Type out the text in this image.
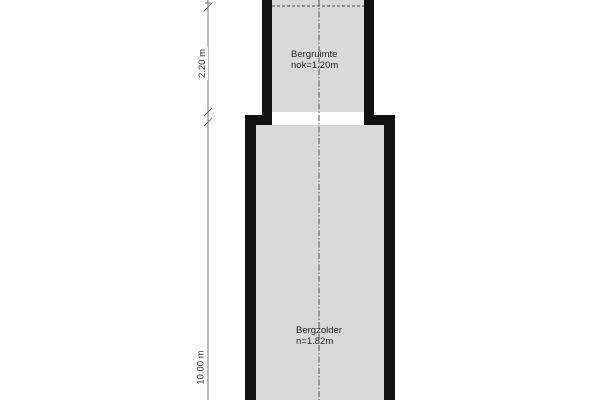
Bergruimte
nok=1.20m
Bergzolder
n=1.82m
2.20 m
10.00 m
